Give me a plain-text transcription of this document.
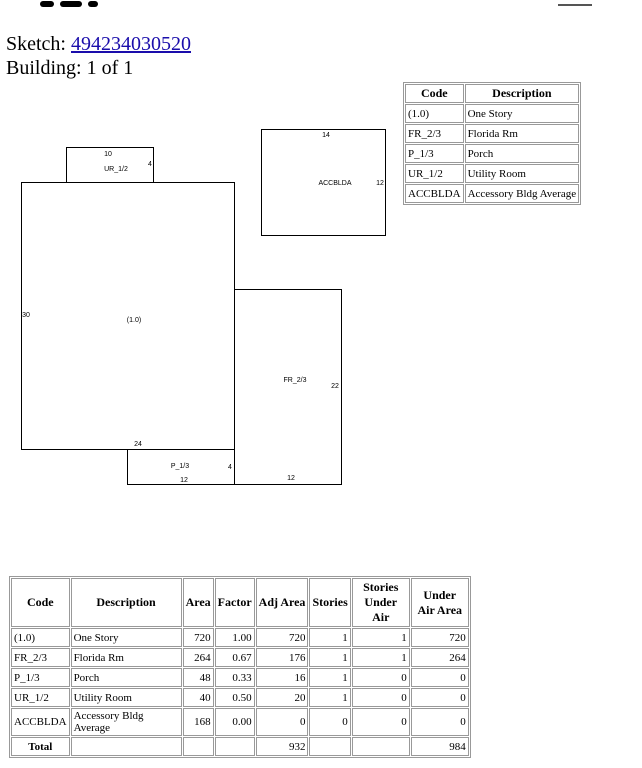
Sketch: 494234030520
Building: 1 of 1
Code	Description
(1.0)	One Story
FR_2/3	Florida Rm
P_1/3	Porch
UR_1/2	Utility Room
ACCBLDA	Accessory Bldg Average
10
UR_1/2
4
30
(1.0)
24
FR_2/3
22
12
P_1/3	4
12
14
ACCBLDA	12
Code	Description	Area	Factor	Adj Area	Stories	Stories Under Air	Under Air Area
(1.0)	One Story	720	1.00	720	1	1	720
FR_2/3	Florida Rm	264	0.67	176	1	1	264
P_1/3	Porch	48	0.33	16	1	0	0
UR_1/2	Utility Room	40	0.50	20	1	0	0
ACCBLDA	Accessory Bldg Average	168	0.00	0	0	0	0
Total				932			984
